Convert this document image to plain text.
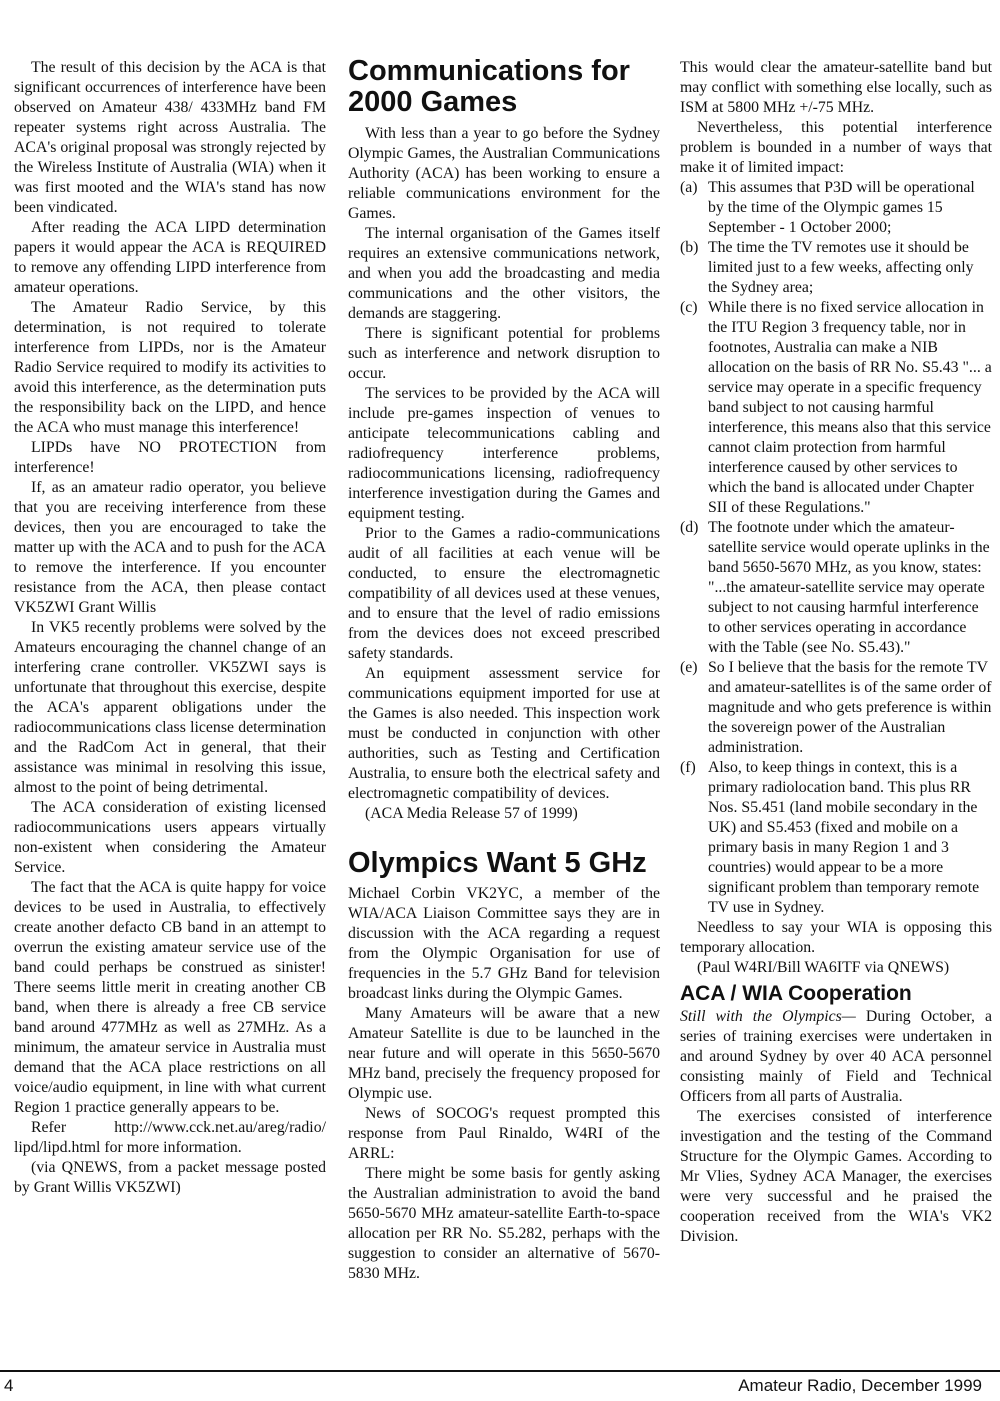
The result of this decision by the ACA is that significant occurrences of interference have been observed on Amateur 438/ 433MHz band FM repeater systems right across Australia. The ACA's original proposal was strongly rejected by the Wireless Institute of Australia (WIA) when it was first mooted and the WIA's stand has now been vindicated.

After reading the ACA LIPD determination papers it would appear the ACA is REQUIRED to remove any offending LIPD interference from amateur operations.

The Amateur Radio Service, by this determination, is not required to tolerate interference from LIPDs, nor is the Amateur Radio Service required to modify its activities to avoid this interference, as the determination puts the responsibility back on the LIPD, and hence the ACA who must manage this interference!

LIPDs have NO PROTECTION from interference!

If, as an amateur radio operator, you believe that you are receiving interference from these devices, then you are encouraged to take the matter up with the ACA and to push for the ACA to remove the interference. If you encounter resistance from the ACA, then please contact VK5ZWI Grant Willis

In VK5 recently problems were solved by the Amateurs encouraging the channel change of an interfering crane controller. VK5ZWI says is unfortunate that throughout this exercise, despite the ACA's apparent obligations under the radiocommunications class license determination and the RadCom Act in general, that their assistance was minimal in resolving this issue, almost to the point of being detrimental.

The ACA consideration of existing licensed radiocommunications users appears virtually non-existent when considering the Amateur Service.

The fact that the ACA is quite happy for voice devices to be used in Australia, to effectively create another defacto CB band in an attempt to overrun the existing amateur service use of the band could perhaps be construed as sinister! There seems little merit in creating another CB band, when there is already a free CB service band around 477MHz as well as 27MHz. As a minimum, the amateur service in Australia must demand that the ACA place restrictions on all voice/audio equipment, in line with what current Region 1 practice generally appears to be.

Refer http://www.cck.net.au/areg/radio/ lipd/lipd.html for more information.

(via QNEWS, from a packet message posted by Grant Willis VK5ZWI)

Communications for 2000 Games

With less than a year to go before the Sydney Olympic Games, the Australian Communications Authority (ACA) has been working to ensure a reliable communications environment for the Games.

The internal organisation of the Games itself requires an extensive communications network, and when you add the broadcasting and media communications and the other visitors, the demands are staggering.

There is significant potential for problems such as interference and network disruption to occur.

The services to be provided by the ACA will include pre-games inspection of venues to anticipate telecommunications cabling and radiofrequency interference problems, radiocommunications licensing, radiofrequency interference investigation during the Games and equipment testing.

Prior to the Games a radio-communications audit of all facilities at each venue will be conducted, to ensure the electromagnetic compatibility of all devices used at these venues, and to ensure that the level of radio emissions from the devices does not exceed prescribed safety standards.

An equipment assessment service for communications equipment imported for use at the Games is also needed. This inspection work must be conducted in conjunction with other authorities, such as Testing and Certification Australia, to ensure both the electrical safety and electromagnetic compatibility of devices.

(ACA Media Release 57 of 1999)

Olympics Want 5 GHz

Michael Corbin VK2YC, a member of the WIA/ACA Liaison Committee says they are in discussion with the ACA regarding a request from the Olympic Organisation for use of frequencies in the 5.7 GHz Band for television broadcast links during the Olympic Games.

Many Amateurs will be aware that a new Amateur Satellite is due to be launched in the near future and will operate in this 5650-5670 MHz band, precisely the frequency proposed for Olympic use.

News of SOCOG's request prompted this response from Paul Rinaldo, W4RI of the ARRL:

There might be some basis for gently asking the Australian administration to avoid the band 5650-5670 MHz amateur-satellite Earth-to-space allocation per RR No. S5.282, perhaps with the suggestion to consider an alternative of 5670-5830 MHz.

This would clear the amateur-satellite band but may conflict with something else locally, such as ISM at 5800 MHz +/-75 MHz.

Nevertheless, this potential interference problem is bounded in a number of ways that make it of limited impact:

(a) This assumes that P3D will be operational by the time of the Olympic games 15 September - 1 October 2000;
(b) The time the TV remotes use it should be limited just to a few weeks, affecting only the Sydney area;
(c) While there is no fixed service allocation in the ITU Region 3 frequency table, nor in footnotes, Australia can make a NIB allocation on the basis of RR No. S5.43 "... a service may operate in a specific frequency band subject to not causing harmful interference, this means also that this service cannot claim protection from harmful interference caused by other services to which the band is allocated under Chapter SII of these Regulations."
(d) The footnote under which the amateur-satellite service would operate uplinks in the band 5650-5670 MHz, as you know, states: "...the amateur-satellite service may operate subject to not causing harmful interference to other services operating in accordance with the Table (see No. S5.43)."
(e) So I believe that the basis for the remote TV and amateur-satellites is of the same order of magnitude and who gets preference is within the sovereign power of the Australian administration.
(f) Also, to keep things in context, this is a primary radiolocation band. This plus RR Nos. S5.451 (land mobile secondary in the UK) and S5.453 (fixed and mobile on a primary basis in many Region 1 and 3 countries) would appear to be a more significant problem than temporary remote TV use in Sydney.

Needless to say your WIA is opposing this temporary allocation.

(Paul W4RI/Bill WA6ITF via QNEWS)

ACA / WIA Cooperation

Still with the Olympics— During October, a series of training exercises were undertaken in and around Sydney by over 40 ACA personnel consisting mainly of Field and Technical Officers from all parts of Australia.

The exercises consisted of interference investigation and the testing of the Command Structure for the Olympic Games. According to Mr Vlies, Sydney ACA Manager, the exercises were very successful and he praised the cooperation received from the WIA's VK2 Division.

4	Amateur Radio, December 1999
